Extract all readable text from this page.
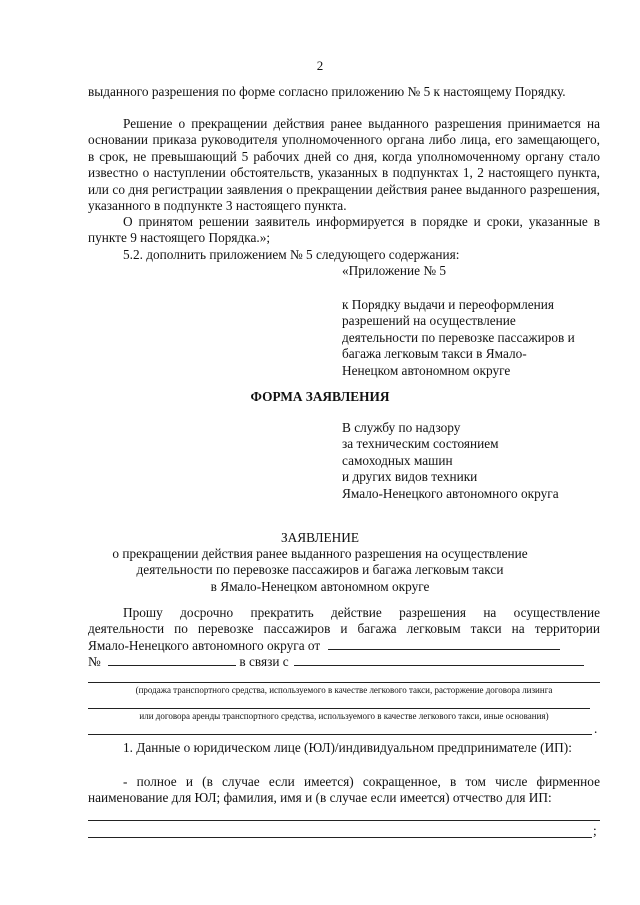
2

выданного разрешения по форме согласно приложению № 5 к настоящему Порядку.

Решение о прекращении действия ранее выданного разрешения принимается на основании приказа руководителя уполномоченного органа либо лица, его замещающего, в срок, не превышающий 5 рабочих дней со дня, когда уполномоченному органу стало известно о наступлении обстоятельств, указанных в подпунктах 1, 2 настоящего пункта, или со дня регистрации заявления о прекращении действия ранее выданного разрешения, указанного в подпункте 3 настоящего пункта.

О принятом решении заявитель информируется в порядке и сроки, указанные в пункте 9 настоящего Порядка.»;

5.2. дополнить приложением № 5 следующего содержания:

«Приложение № 5
к Порядку выдачи и переоформления
разрешений на осуществление
деятельности по перевозке пассажиров и
багажа легковым такси в Ямало-
Ненецком автономном округе
ФОРМА ЗАЯВЛЕНИЯ
В службу по надзору
за техническим состоянием
самоходных машин
и других видов техники
Ямало-Ненецкого автономного округа
ЗАЯВЛЕНИЕ
о прекращении действия ранее выданного разрешения на осуществление
деятельности по перевозке пассажиров и багажа легковым такси
в Ямало-Ненецком автономном округе
Прошу досрочно прекратить действие разрешения на осуществление
деятельности по перевозке пассажиров и багажа легковым такси на территории
Ямало-Ненецкого автономного округа от
№	в связи с
(продажа транспортного средства, используемого в качестве легкового такси, расторжение договора лизинга
или договора аренды транспортного средства, используемого в качестве легкового такси, иные основания)
.

1. Данные о юридическом лице (ЮЛ)/индивидуальном предпринимателе (ИП):

- полное и (в случае если имеется) сокращенное, в том числе фирменное наименование для ЮЛ; фамилия, имя и (в случае если имеется) отчество для ИП:

;
